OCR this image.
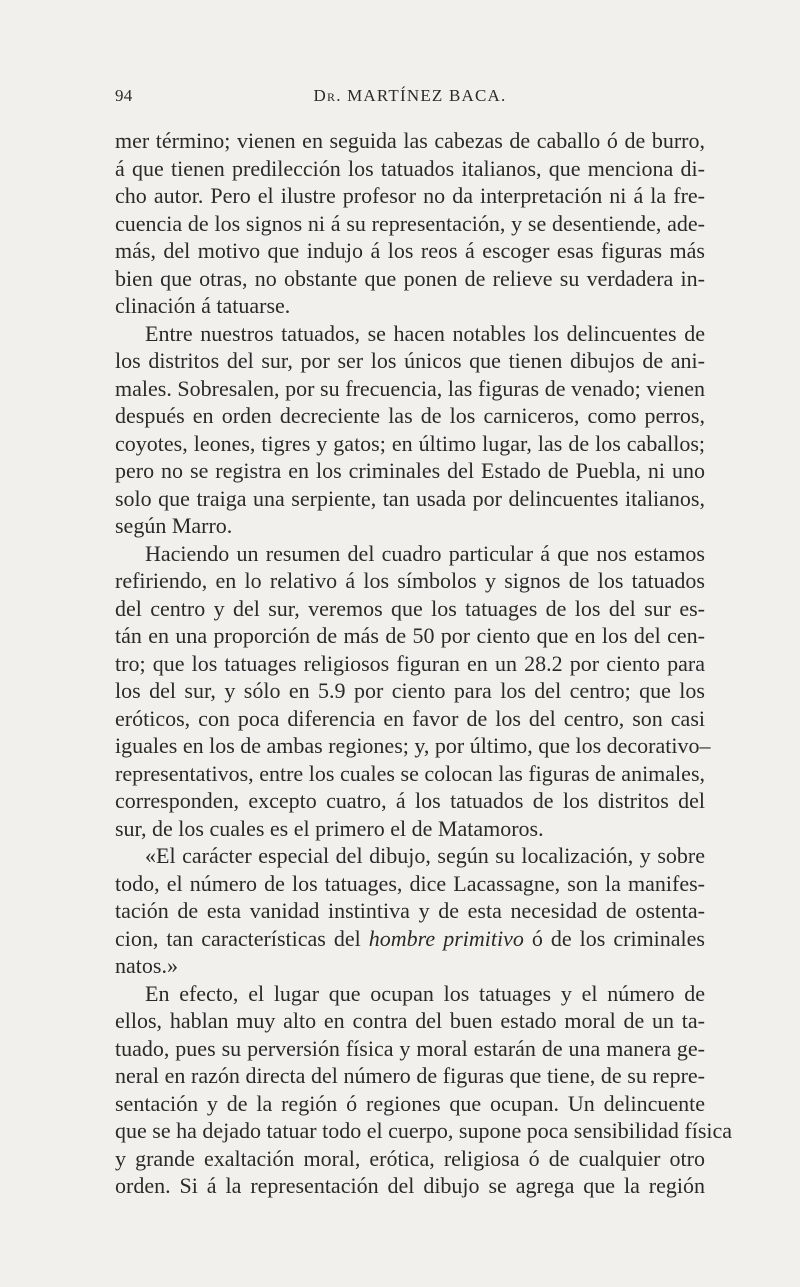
94	Dr. MARTÍNEZ BACA.
mer término; vienen en seguida las cabezas de caballo ó de burro,
á que tienen predilección los tatuados italianos, que menciona di-
cho autor. Pero el ilustre profesor no da interpretación ni á la fre-
cuencia de los signos ni á su representación, y se desentiende, ade-
más, del motivo que indujo á los reos á escoger esas figuras más
bien que otras, no obstante que ponen de relieve su verdadera in-
clinación á tatuarse.
Entre nuestros tatuados, se hacen notables los delincuentes de
los distritos del sur, por ser los únicos que tienen dibujos de ani-
males. Sobresalen, por su frecuencia, las figuras de venado; vienen
después en orden decreciente las de los carniceros, como perros,
coyotes, leones, tigres y gatos; en último lugar, las de los caballos;
pero no se registra en los criminales del Estado de Puebla, ni uno
solo que traiga una serpiente, tan usada por delincuentes italianos,
según Marro.
Haciendo un resumen del cuadro particular á que nos estamos
refiriendo, en lo relativo á los símbolos y signos de los tatuados
del centro y del sur, veremos que los tatuages de los del sur es-
tán en una proporción de más de 50 por ciento que en los del cen-
tro; que los tatuages religiosos figuran en un 28.2 por ciento para
los del sur, y sólo en 5.9 por ciento para los del centro; que los
eróticos, con poca diferencia en favor de los del centro, son casi
iguales en los de ambas regiones; y, por último, que los decorativo–
representativos, entre los cuales se colocan las figuras de animales,
corresponden, excepto cuatro, á los tatuados de los distritos del
sur, de los cuales es el primero el de Matamoros.
«El carácter especial del dibujo, según su localización, y sobre
todo, el número de los tatuages, dice Lacassagne, son la manifes-
tación de esta vanidad instintiva y de esta necesidad de ostenta-
cion, tan características del hombre primitivo ó de los criminales
natos.»
En efecto, el lugar que ocupan los tatuages y el número de
ellos, hablan muy alto en contra del buen estado moral de un ta-
tuado, pues su perversión física y moral estarán de una manera ge-
neral en razón directa del número de figuras que tiene, de su repre-
sentación y de la región ó regiones que ocupan. Un delincuente
que se ha dejado tatuar todo el cuerpo, supone poca sensibilidad física
y grande exaltación moral, erótica, religiosa ó de cualquier otro
orden. Si á la representación del dibujo se agrega que la región
